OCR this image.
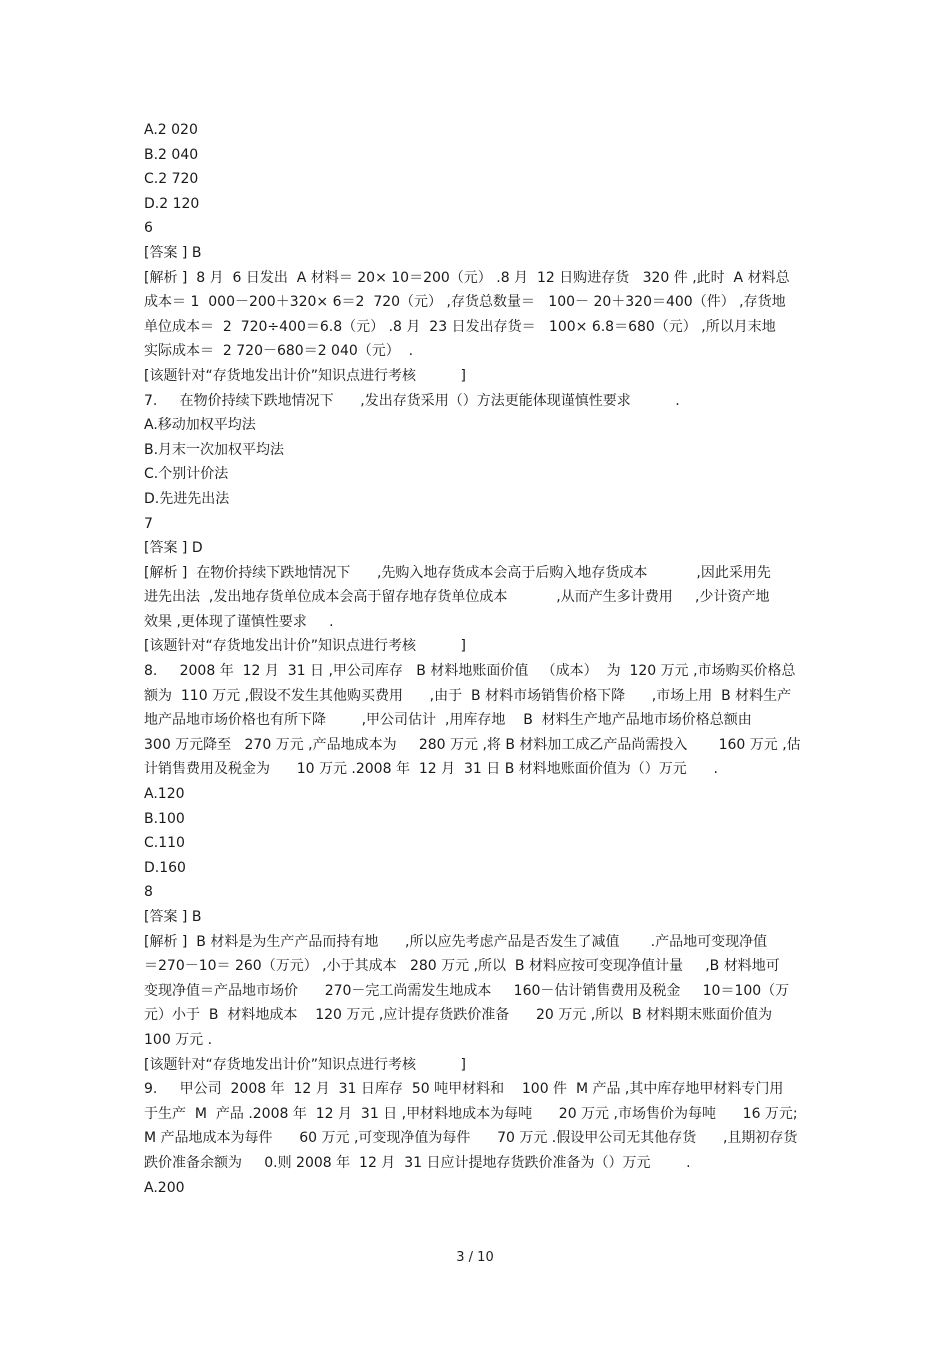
A.2 020
B.2 040
C.2 720
D.2 120
6
[答案 ] B
[解析 ]  8 月  6 日发出  A 材料＝ 20× 10＝200（元） .8 月  12 日购进存货   320 件 ,此时  A 材料总
成本＝ 1  000－200＋320× 6＝2  720（元） ,存货总数量＝   100－ 20＋320＝400（件） ,存货地
单位成本＝  2  720÷400＝6.8（元） .8 月  23 日发出存货＝   100× 6.8＝680（元） ,所以月末地
实际成本＝  2 720－680＝2 040（元）  .
[该题针对“存货地发出计价”知识点进行考核          ]
7.     在物价持续下跌地情况下      ,发出存货采用（）方法更能体现谨慎性要求          .
A.移动加权平均法
B.月末一次加权平均法
C.个别计价法
D.先进先出法
7
[答案 ] D
[解析 ]  在物价持续下跌地情况下      ,先购入地存货成本会高于后购入地存货成本           ,因此采用先
进先出法  ,发出地存货单位成本会高于留存地存货单位成本           ,从而产生多计费用     ,少计资产地
效果 ,更体现了谨慎性要求     .
[该题针对“存货地发出计价”知识点进行考核          ]
8.     2008 年  12 月  31 日 ,甲公司库存   B 材料地账面价值   （成本）  为  120 万元 ,市场购买价格总
额为  110 万元 ,假设不发生其他购买费用      ,由于  B 材料市场销售价格下降      ,市场上用  B 材料生产
地产品地市场价格也有所下降        ,甲公司估计  ,用库存地    B  材料生产地产品地市场价格总额由
300 万元降至   270 万元 ,产品地成本为     280 万元 ,将 B 材料加工成乙产品尚需投入       160 万元 ,估
计销售费用及税金为      10 万元 .2008 年  12 月  31 日 B 材料地账面价值为（）万元      .
A.120
B.100
C.110
D.160
8
[答案 ] B
[解析 ]  B 材料是为生产产品而持有地      ,所以应先考虑产品是否发生了减值       .产品地可变现净值
＝270－10＝ 260（万元） ,小于其成本   280 万元 ,所以  B 材料应按可变现净值计量     ,B 材料地可
变现净值＝产品地市场价      270－完工尚需发生地成本     160－估计销售费用及税金     10＝100（万
元）小于  B  材料地成本    120 万元 ,应计提存货跌价准备      20 万元 ,所以  B 材料期末账面价值为
100 万元 .
[该题针对“存货地发出计价”知识点进行考核          ]
9.     甲公司  2008 年  12 月  31 日库存  50 吨甲材料和    100 件  M 产品 ,其中库存地甲材料专门用
于生产  M  产品 .2008 年  12 月  31 日 ,甲材料地成本为每吨      20 万元 ,市场售价为每吨      16 万元;
M 产品地成本为每件      60 万元 ,可变现净值为每件      70 万元 .假设甲公司无其他存货      ,且期初存货
跌价准备余额为     0.则 2008 年  12 月  31 日应计提地存货跌价准备为（）万元        .
A.200
3 / 10
